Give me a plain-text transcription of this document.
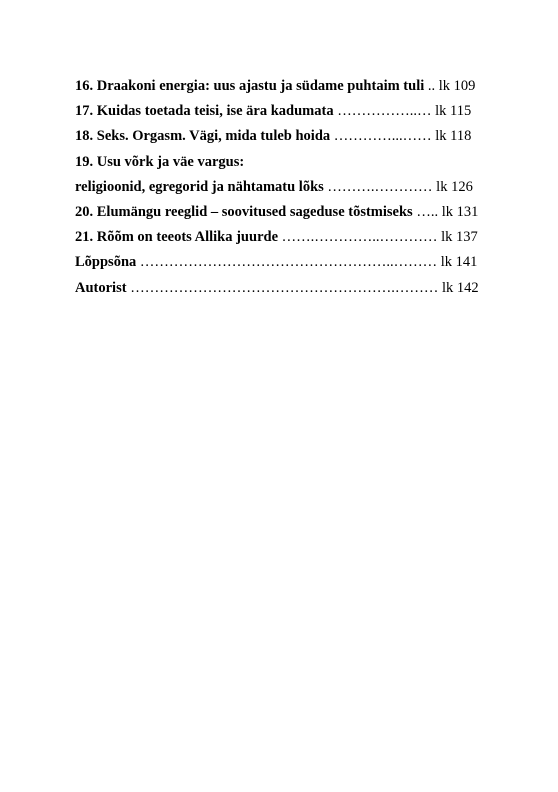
16. Draakoni energia: uus ajastu ja südame puhtaim tuli .. lk 109
17. Kuidas toetada teisi, ise ära kadumata ……………..… lk 115
18. Seks. Orgasm. Vägi, mida tuleb hoida …………...…… lk 118
19. Usu võrk ja väe vargus:
religioonid, egregorid ja nähtamatu lõks ……….………… lk 126
20. Elumängu reeglid – soovitused sageduse tõstmiseks ….. lk 131
21. Rõõm on teeots Allika juurde …….…………..………… lk 137
Lõppsõna ……………………………………………..……… lk 141
Autorist ……………………………………………….……… lk 142
